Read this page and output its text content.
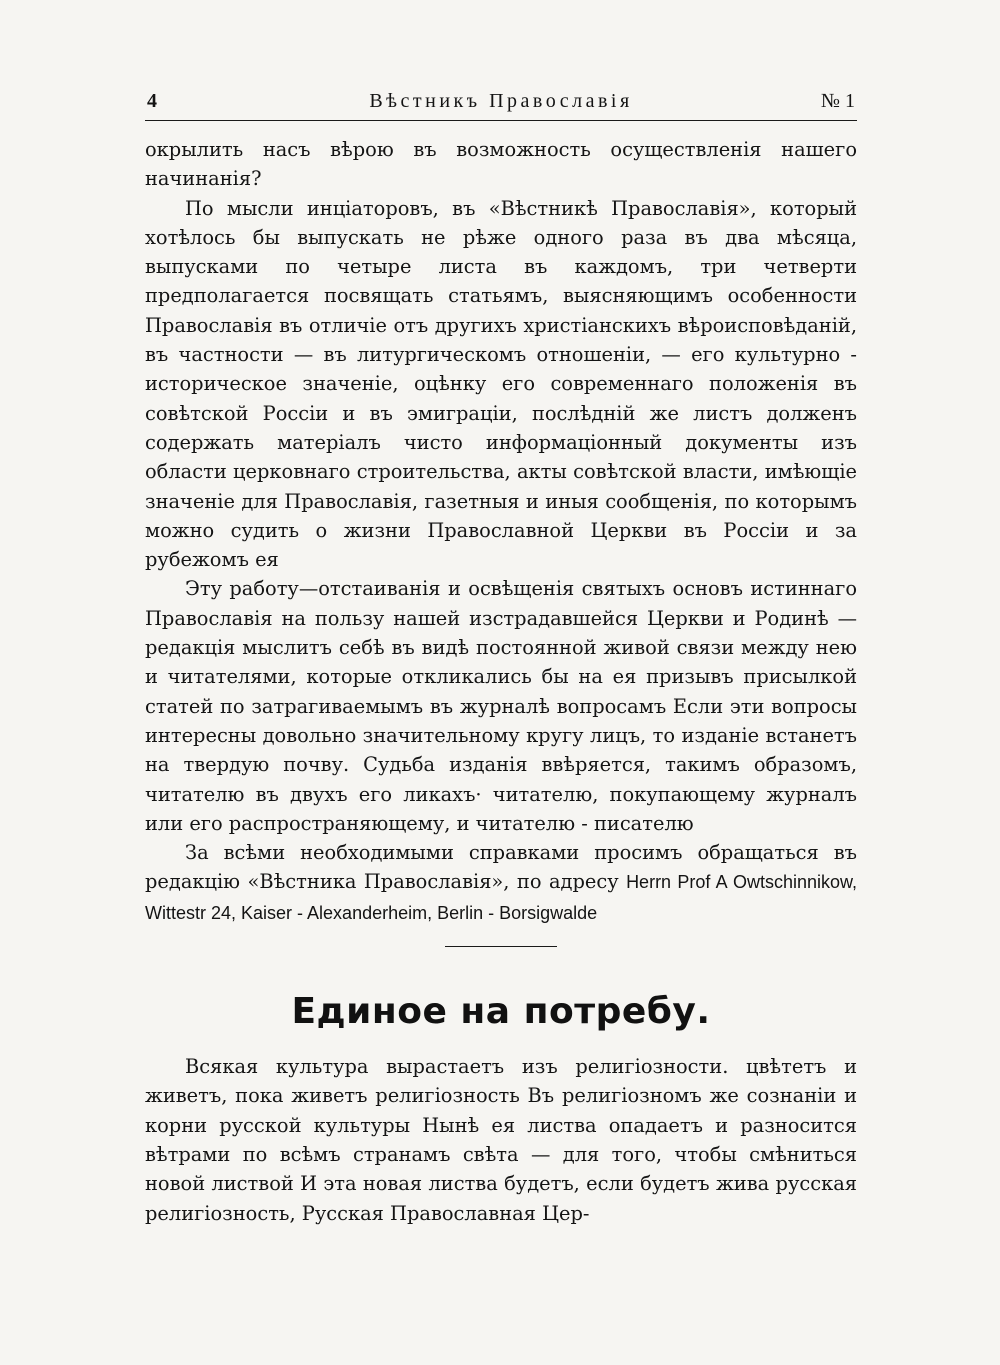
4	Вѣстникъ Православія	№ 1

окрылить насъ вѣрою въ возможность осуществленія нашего начинанія?

По мысли инціаторовъ, въ «Вѣстникѣ Православія», который хотѣлось бы выпускать не рѣже одного раза въ два мѣсяца, выпусками по четыре листа въ каждомъ, три четверти предполагается посвящать статьямъ, выясняющимъ особенности Православія въ отличіе отъ другихъ христіанскихъ вѣроисповѣданій, въ частности — въ литургическомъ отношеніи, — его культурно - историческое значеніе, оцѣнку его современнаго положенія въ совѣтской Россіи и въ эмиграціи, послѣдній же листъ долженъ содержать матеріалъ чисто информаціонный документы изъ области церковнаго строительства, акты совѣтской власти, имѣющіе значеніе для Православія, газетныя и иныя сообщенія, по которымъ можно судить о жизни Православной Церкви въ Россіи и за рубежомъ ея

Эту работу—отстаиванія и освѣщенія святыхъ основъ истиннаго Православія на пользу нашей изстрадавшейся Церкви и Родинѣ — редакція мыслитъ себѣ въ видѣ постоянной живой связи между нею и читателями, которые откликались бы на ея призывъ присылкой статей по затрагиваемымъ въ журналѣ вопросамъ Если эти вопросы интересны довольно значительному кругу лицъ, то изданіе встанетъ на твердую почву. Судьба изданія ввѣряется, такимъ образомъ, читателю въ двухъ его ликахъ· читателю, покупающему журналъ или его распространяющему, и читателю - писателю

За всѣми необходимыми справками просимъ обращаться въ редакцію «Вѣстника Православія», по адресу Herrn Prof A Owtschinnikow, Wittestr 24, Kaiser - Alexanderheim, Berlin - Borsigwalde

Единое на потребу.

Всякая культура вырастаетъ изъ религіозности. цвѣтетъ и живетъ, пока живетъ религіозность Въ религіозномъ же сознаніи и корни русской культуры Нынѣ ея листва опадаетъ и разносится вѣтрами по всѣмъ странамъ свѣта — для того, чтобы смѣниться новой листвой И эта новая листва будетъ, если будетъ жива русская религіозность, Русская Православная Цер-
